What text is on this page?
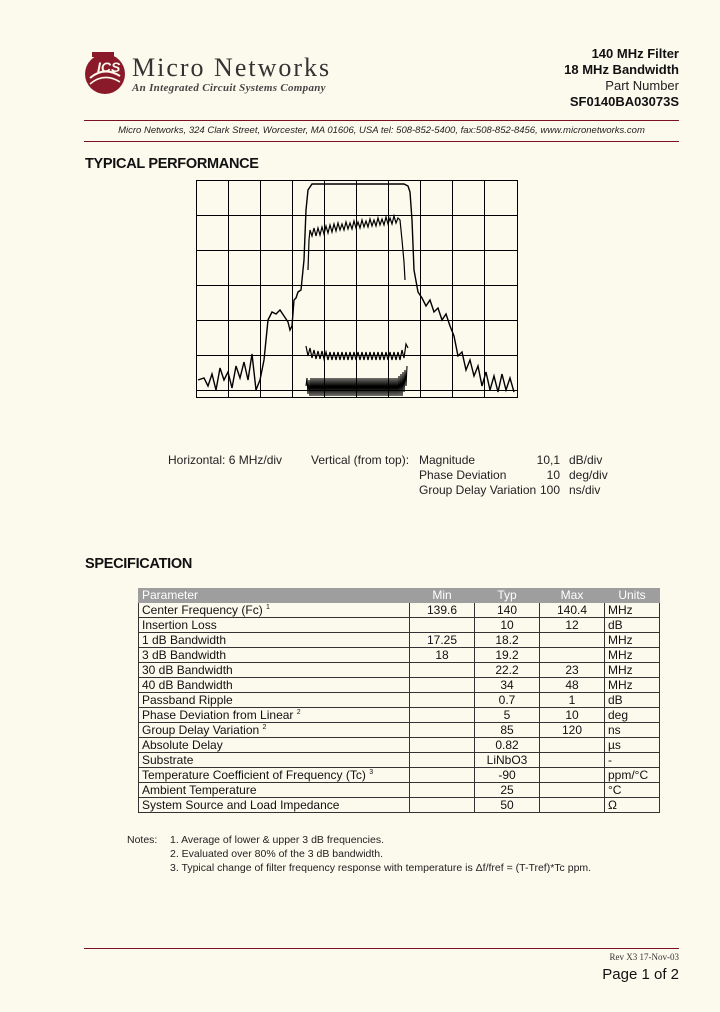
ICS Micro Networks
An Integrated Circuit Systems Company
140 MHz Filter
18 MHz Bandwidth
Part Number
SF0140BA03073S
Micro Networks, 324 Clark Street, Worcester, MA 01606, USA tel: 508-852-5400, fax:508-852-8456, www.micronetworks.com
TYPICAL PERFORMANCE
Horizontal: 6 MHz/div Vertical (from top): Magnitude	10,1 dB/div
Phase Deviation	10 deg/div
Group Delay Variation 100 ns/div
SPECIFICATION
Parameter	Min	Typ	Max	Units
Center Frequency (Fc) $^1$	139.6	140	140.4	MHz
Insertion Loss		10	12	dB
1 dB Bandwidth	17.25	18.2		MHz
3 dB Bandwidth	18	19.2		MHz
30 dB Bandwidth		22.2	23	MHz
40 dB Bandwidth		34	48	MHz
Passband Ripple		0.7	1	dB
Phase Deviation from Linear $^2$		5	10	deg
Group Delay Variation $^2$		85	120	ns
Absolute Delay		0.82		µs
Substrate		LiNbO3		-
Temperature Coefficient of Frequency (Tc) $^3$		-90		ppm/°C
Ambient Temperature		25		°C
System Source and Load Impedance		50		Ω
Notes: 1. Average of lower & upper 3 dB frequencies.
2. Evaluated over 80% of the 3 dB bandwidth.
3. Typical change of filter frequency response with temperature is Δf/fref = (T-Tref)*Tc ppm.
Rev X3 17-Nov-03
Page 1 of 2
